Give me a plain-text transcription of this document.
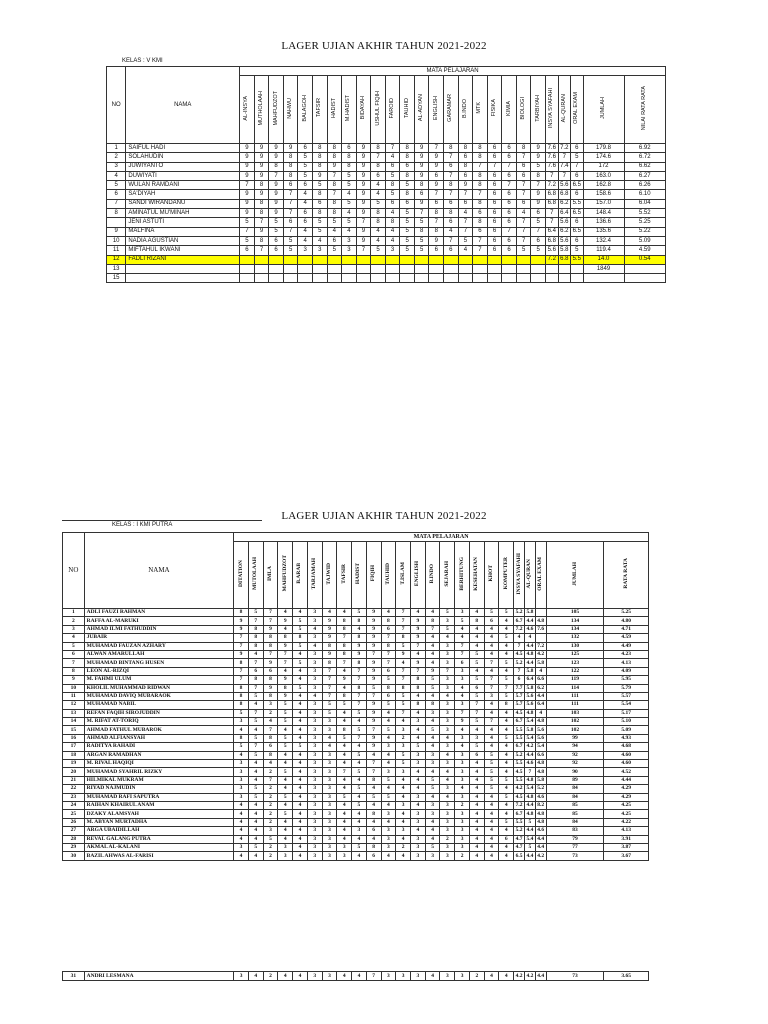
LAGER UJIAN AKHIR TAHUN 2021-2022
KELAS : V KMI
NO	NAMA	MATA PELAJARAN																									
		AL-INSYA	MUTHOLAAH	MAHFUDZOT	NAHWU	BALAGOH	TAFSIR	HADIST	M.HADIST	BIDAYAH	USHUL FIQIH	FAROID	TAUHID	AL-ADYAN	ENGLISH	GARAMAR	B.INDO	MTK	FISIKA	KIMIA	BIOLOGI	TARBIYAH	INSYA SYAFAHI	AL-QURAN	ORAL EXAM	JUMLAH	NILAI RATA RATA
1	SAIFUL HADI	9	9	9	9	6	8	8	6	9	8	7	8	9	7	8	8	8	6	6	8	9	7.6	7.2	6	179.8	6.92
2	SOLAHUDIN	9	9	9	8	5	8	8	8	9	7	4	8	9	9	7	6	8	6	6	7	9	7.6	7	5	174.6	6.72
3	JUWIYANTO	9	9	8	8	5	8	9	8	9	8	6	6	9	9	6	8	7	7	7	6	5	7.6	7.4	7	172	6.62
4	DUWIYATI	9	9	7	8	5	9	7	5	9	6	5	8	9	6	7	6	8	6	6	6	8	7	7	6	163.0	6.27
5	WULAN RAMDANI	7	8	9	6	6	5	8	5	9	4	8	5	8	9	8	9	8	6	7	7	7	7.2	5.6	6.5	162.8	6.26
6	SA'DIYAH	9	9	9	7	4	8	7	4	9	4	5	8	6	7	7	7	7	6	6	7	9	6.8	6.8	6	158.6	6.10
7	SANDI WIRANDANU	9	8	9	7	4	6	8	5	9	5	6	6	9	6	6	6	8	6	6	6	9	6.8	6.2	5.5	157.0	6.04
8	AMINATUL MU'MINAH	9	8	9	7	6	8	8	4	9	8	4	5	7	8	8	4	6	6	6	4	6	7	6.4	6.5	148.4	5.52
	JENI ASTUTI	5	7	5	6	6	5	5	5	7	8	8	5	5	7	6	7	8	6	6	7	5	7	5.6	6	136.6	5.25
9	MALFINA	7	9	5	7	4	5	4	4	9	4	4	5	8	8	4	7	6	6	7	7	7	6.4	6.2	6.5	135.6	5.22
10	NADIA AGUSTIAN	5	8	6	5	4	4	6	3	9	4	4	5	5	9	7	5	7	6	6	7	6	6.8	5.6	6	132.4	5.09
11	MIFTAHUL IKWANI	6	7	6	5	3	3	5	3	7	5	3	5	5	6	6	4	7	6	6	5	5	5.6	5.8	5	119.4	4.59
12	FADLI RIZANI																						7.2	6.8	5.5	14.0	0.54
13																										1849	
15																											
LAGER UJIAN AKHIR TAHUN 2021-2022
KELAS : I KMI PUTRA
NO	NAMA	MATA PELAJARAN																							
		DITATION	MUTOLAAH	IMLA	MAHFUDZOT	B.ARAB	TARJAMAH	TAJWID	TAFSIR	HADIST	FIQIH	TAUHID	T.ISLAM	ENGLISH	B.INDO	SEJARAH	BERHITUNG	KESEHATAN	KHOT	KOMPUTER	INSYA SYAFAHI	AL-QURAN	ORAL EXAM	JUMLAH	RATA RATA
1	ADLI FAUZI RAHMAN	8	5	7	4	4	3	4	4	5	9	4	7	4	4	5	3	4	5	5	5.2	5.8		105	5.25
2	RAFFA AL-MARUKI	9	7	7	9	5	3	9	8	8	9	8	7	9	8	3	5	8	6	4	6.7	4.4	4.8	134	4.80
3	AHMAD ILMI FATHUDDIN	9	8	9	4	5	4	9	8	4	9	6	7	9	7	5	4	4	4	4	7.2	4.6	7.6	134	4.71
4	JUBAIR	7	8	8	8	8	3	9	7	8	9	7	8	9	4	4	4	4	4	5	4	4		132	4.59
5	MUHAMAD FAUZAN AZHARY	7	8	8	9	5	4	8	8	9	9	8	5	7	4	3	7	4	4	4	7	4.4	7.2	130	4.49
6	ALWAN AMARULLAH	9	4	7	7	4	3	9	8	9	7	7	9	4	4	3	7	5	4	4	4.5	4.8	4.2	125	4.23
7	MUHAMAD BINTANG HUSEN	8	7	9	7	5	3	8	7	8	9	7	4	9	4	3	6	5	7	5	5.2	4.4	5.8	123	4.13
8	LEON AL-RIZQI	7	6	6	4	4	3	7	4	7	9	6	7	7	9	7	3	4	4	4	7	5.8	4	122	4.09
9	M. FAHMI ULUM	7	8	8	9	4	3	7	9	7	9	5	7	8	5	3	3	5	7	5	6	6.4	6.6	119	5.95
10	KHOLIL MUHAMMAD RIDWAN	8	7	9	8	5	3	7	4	8	5	8	8	8	5	3	4	6	7	7	7.7	5.8	6.2	114	5.79
11	MUHAMAD DAVIQ MUBARAOK	8	5	8	9	4	4	7	8	7	7	6	5	4	4	4	4	5	3	5	5.7	5.6	4.4	111	5.57
12	MUHAMAD NABIL	8	4	3	5	4	3	5	5	7	9	5	5	8	8	3	3	7	4	8	5.7	5.6	6.4	111	5.54
13	REFAN FAQIH SIROJUDDIN	5	7	2	5	4	3	5	4	5	9	4	7	4	3	3	7	7	4	4	4.5	4.8	4	103	5.17
14	M. RIFAT AT-TORIQ	3	5	4	5	4	3	3	4	4	9	4	4	3	4	3	9	5	7	4	6.7	5.4	4.8	102	5.10
15	AHMAD FATHUL MUBAROK	4	4	7	4	4	3	3	8	5	7	5	3	4	5	3	4	4	4	4	5.5	5.8	5.6	102	5.09
16	AHMAD ALFIANSYAH	8	5	8	5	4	3	4	5	7	9	4	2	4	4	4	3	3	4	5	5.5	5.4	5.6	99	4.93
17	RADITYA RAHADI	5	7	6	5	5	3	4	4	4	9	3	3	5	4	3	4	5	4	4	6.7	4.2	5.4	94	4.68
18	ARGAN RAMADHAN	4	5	8	4	4	3	3	4	5	4	4	5	3	3	4	3	6	5	4	5.2	4.4	6.6	92	4.60
19	M. RIVAL HAQIQI	3	4	4	4	4	3	3	4	4	7	4	5	3	3	3	3	4	5	4	5.5	4.6	4.8	92	4.60
20	MUHAMAD SYAHRIL RIZKY	3	4	2	5	4	3	3	7	5	7	3	3	4	4	4	3	4	5	4	4.5	7	4.8	90	4.52
21	HILMIKAL MUKRAM	3	4	7	4	4	3	3	4	4	8	5	4	4	5	4	3	4	5	5	5.5	4.8	5.8	89	4.44
22	RIYAD NAJMUDIN	3	5	2	4	4	3	3	4	5	4	4	4	4	5	3	4	4	5	4	4.2	5.4	5.2	84	4.29
23	MUHAMAD RAFI SAPUTRA	3	5	2	5	4	3	3	5	4	5	5	4	3	4	4	3	4	4	5	4.5	4.8	4.6	84	4.29
24	RAIHAN KHAIRUL ANAM	4	4	2	4	4	3	3	4	5	4	4	3	4	3	3	2	4	4	4	7.2	4.4	8.2	85	4.25
25	DZAKY ALAMSYAH	4	4	2	5	4	3	3	4	4	8	3	4	3	3	3	3	4	4	4	6.7	4.8	4.8	85	4.25
26	M. ABYAN MURTADHA	4	4	2	4	4	3	3	4	4	4	4	4	3	4	3	3	4	4	5	5.5	5	4.8	84	4.22
27	ARGA UBAIDILLAH	4	4	3	4	4	3	3	4	3	6	3	3	4	4	3	3	4	4	4	5.2	4.4	4.6	83	4.13
28	REVAL GALANG PUTRA	4	4	5	4	4	3	3	4	4	4	3	4	3	4	2	3	4	4	6	4.7	5.4	4.4	79	3.91
29	AKMAL AL-KALANI	3	5	2	3	4	3	3	3	5	8	3	2	3	5	3	3	4	4	4	4.7	5	4.4	77	3.87
30	BAZIL AHWAS AL-FARISI	4	4	2	3	4	3	3	3	4	6	4	4	3	3	3	2	4	4	4	6.5	4.4	4.2	73	3.67
31	ANDRI LESMANA	3	4	2	4	4	3	3	4	4	7	3	3	3	4	3	3	2	4	4	4.2	4.2	4.4	73	3.65
